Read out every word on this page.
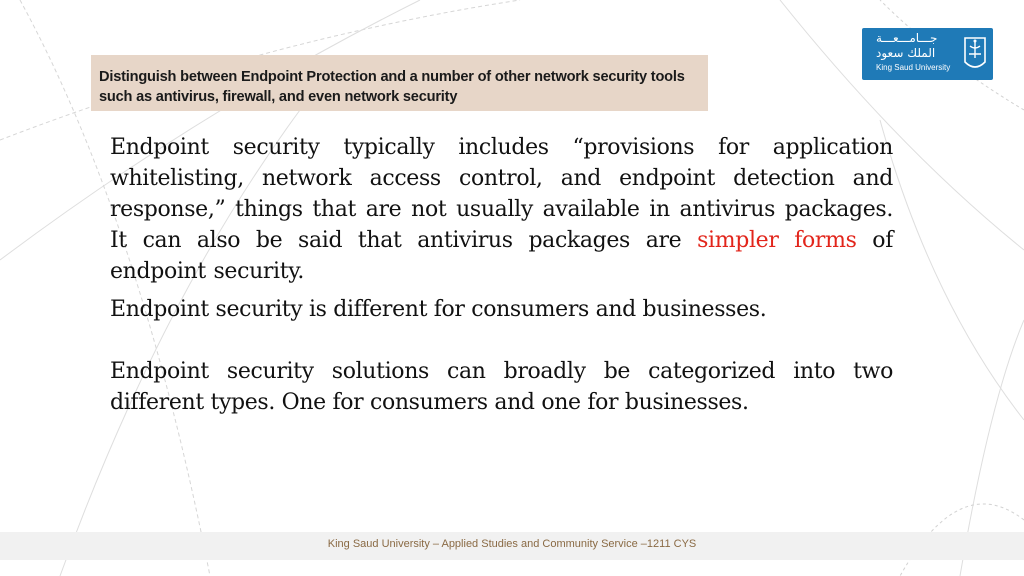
Distinguish between Endpoint Protection and a number of other network security tools such as antivirus, firewall, and even network security
جـــامـــعـــة
الملك سعود
King Saud University

Endpoint security typically includes “provisions for application whitelisting, network access control, and endpoint detection and response,” things that are not usually available in antivirus packages. It can also be said that antivirus packages are simpler forms of endpoint security.

Endpoint security is different for consumers and businesses.

Endpoint security solutions can broadly be categorized into two different types. One for consumers and one for businesses.

King Saud University – Applied Studies and Community Service –1211 CYS
